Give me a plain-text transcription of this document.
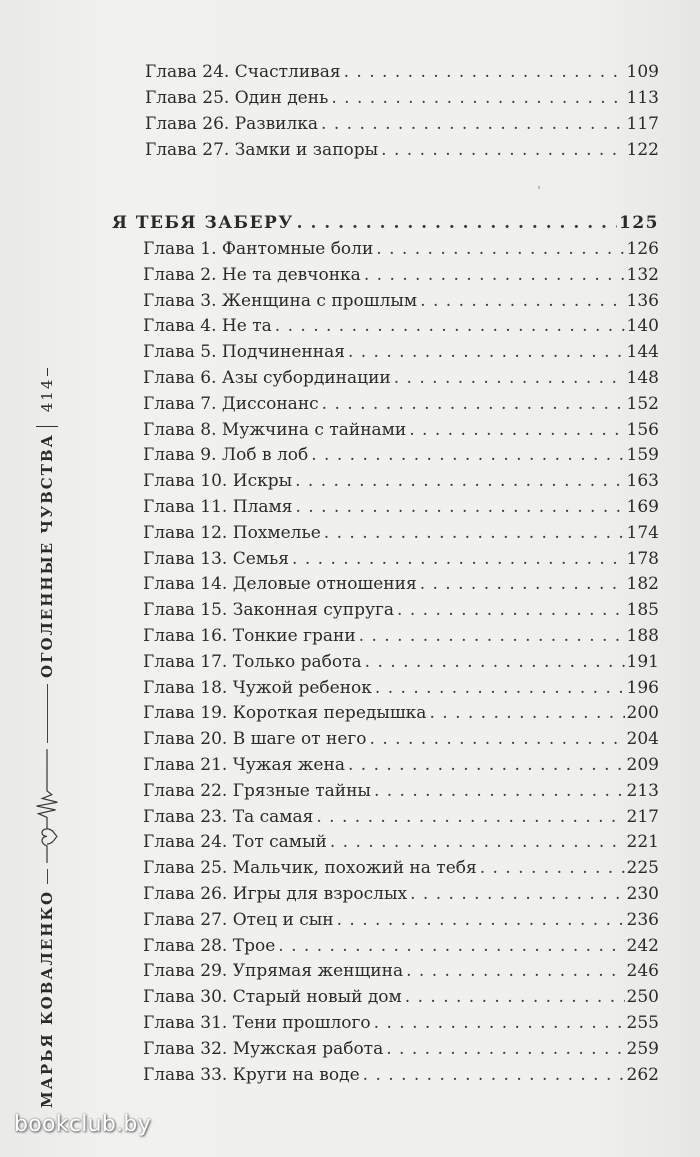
Глава 24. Счастливая . . .	109
Глава 25. Один день . . .	113
Глава 26. Развилка . . .	117
Глава 27. Замки и запоры . . .	122
Я ТЕБЯ ЗАБЕРУ . . .	125
Глава 1. Фантомные боли . . .	126
Глава 2. Не та девчонка . . .	132
Глава 3. Женщина с прошлым . . .	136
Глава 4. Не та . . .	140
Глава 5. Подчиненная . . .	144
Глава 6. Азы субординации . . .	148
Глава 7. Диссонанс . . .	152
Глава 8. Мужчина с тайнами . . .	156
Глава 9. Лоб в лоб . . .	159
Глава 10. Искры . . .	163
Глава 11. Пламя . . .	169
Глава 12. Похмелье . . .	174
Глава 13. Семья . . .	178
Глава 14. Деловые отношения . . .	182
Глава 15. Законная супруга . . .	185
Глава 16. Тонкие грани . . .	188
Глава 17. Только работа . . .	191
Глава 18. Чужой ребенок . . .	196
Глава 19. Короткая передышка . . .	200
Глава 20. В шаге от него . . .	204
Глава 21. Чужая жена . . .	209
Глава 22. Грязные тайны . . .	213
Глава 23. Та самая . . .	217
Глава 24. Тот самый . . .	221
Глава 25. Мальчик, похожий на тебя . . .	225
Глава 26. Игры для взрослых . . .	230
Глава 27. Отец и сын . . .	236
Глава 28. Трое . . .	242
Глава 29. Упрямая женщина . . .	246
Глава 30. Старый новый дом . . .	250
Глава 31. Тени прошлого . . .	255
Глава 32. Мужская работа . . .	259
Глава 33. Круги на воде . . .	262
МАРЬЯ КОВАЛЕНКО
ОГОЛЕННЫЕ ЧУВСТВА
414
bookclub.by
